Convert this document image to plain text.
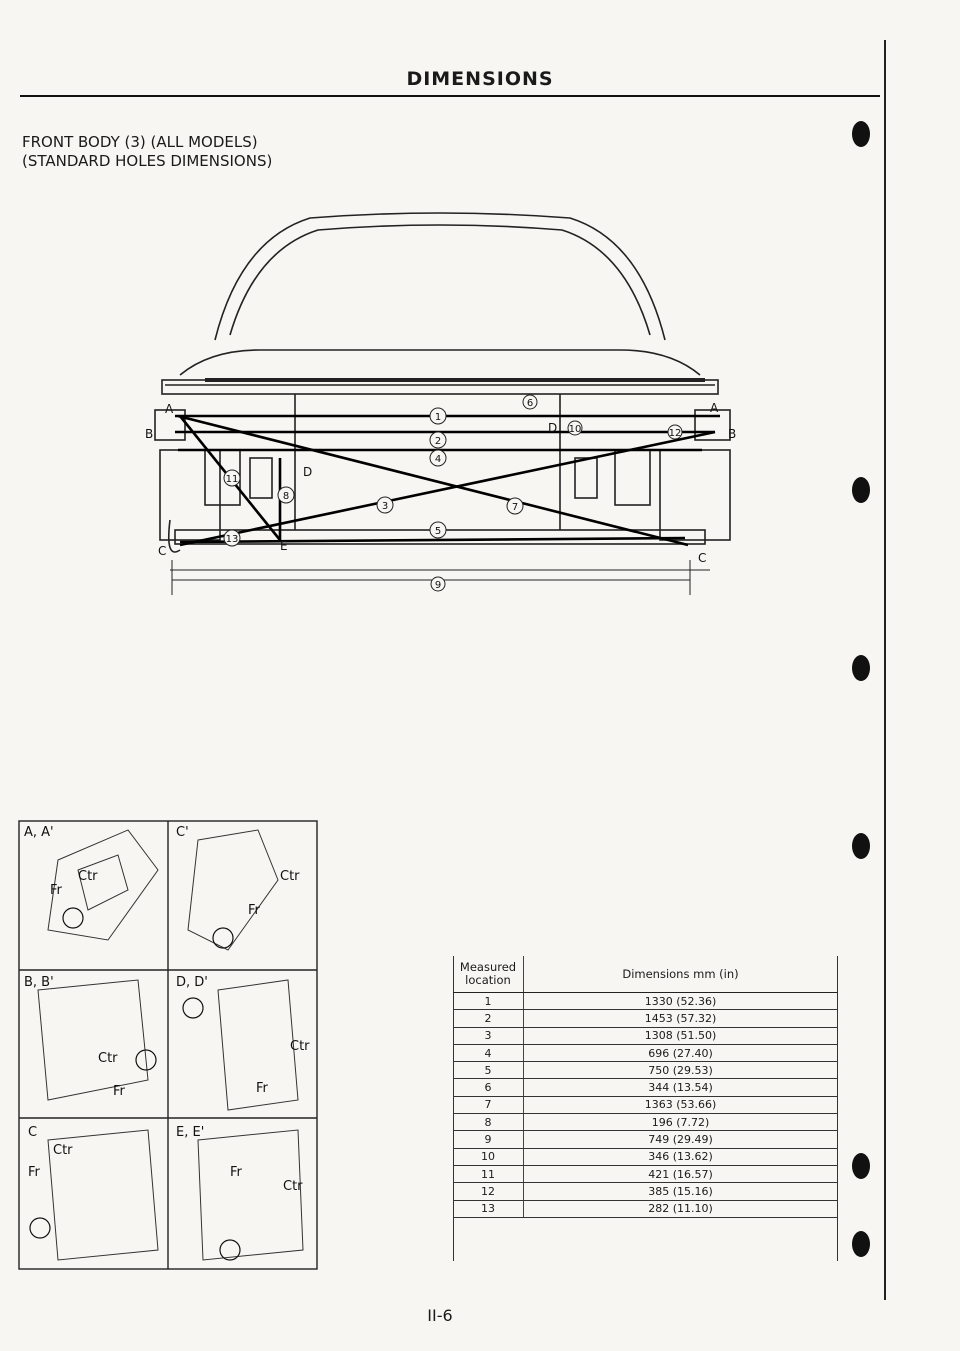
DIMENSIONS
FRONT BODY (3) (ALL MODELS)
(STANDARD HOLES DIMENSIONS)
1
2
3
4
5
6
7
8
9
10
11
12
13
A	A
B	B
C	C
D
D
E
A, A'
Ctr
Fr
C'
Ctr
Fr
B, B'
Ctr
Fr
D, D'
Ctr
Fr
C
Ctr
Fr
E, E'
Fr
Ctr
Measured
location	Dimensions mm (in)
1	1330 (52.36)
2	1453 (57.32)
3	1308 (51.50)
4	696 (27.40)
5	750 (29.53)
6	344 (13.54)
7	1363 (53.66)
8	196 (7.72)
9	749 (29.49)
10	346 (13.62)
11	421 (16.57)
12	385 (15.16)
13	282 (11.10)
II-6
